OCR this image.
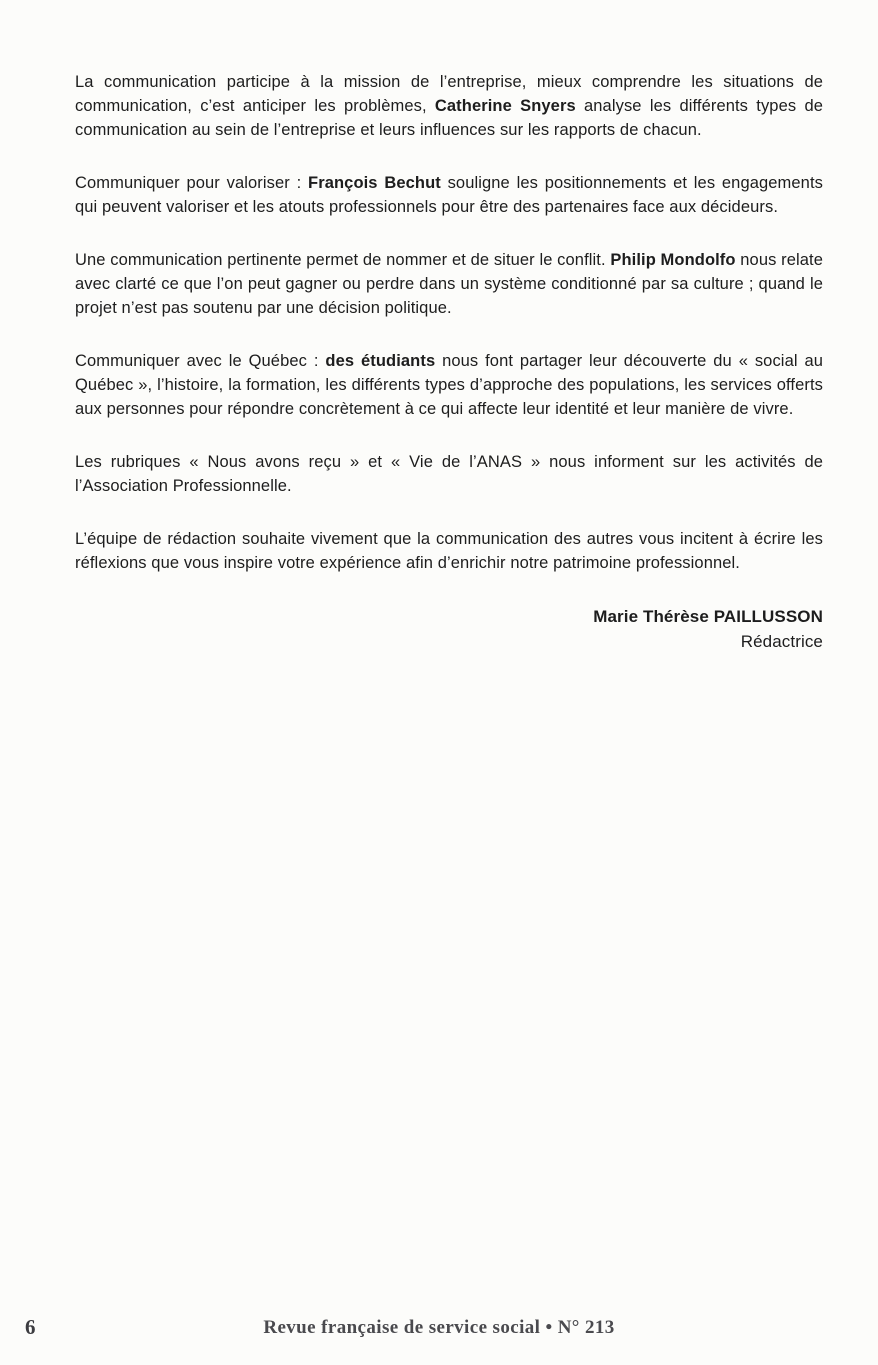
La communication participe à la mission de l’entreprise, mieux comprendre les situations de communication, c’est anticiper les problèmes, Catherine Snyers analyse les différents types de communication au sein de l’entreprise et leurs influences sur les rapports de chacun.

Communiquer pour valoriser : François Bechut souligne les positionnements et les engagements qui peuvent valoriser et les atouts professionnels pour être des partenaires face aux décideurs.

Une communication pertinente permet de nommer et de situer le conflit. Philip Mondolfo nous relate avec clarté ce que l’on peut gagner ou perdre dans un système conditionné par sa culture ; quand le projet n’est pas soutenu par une décision politique.

Communiquer avec le Québec : des étudiants nous font partager leur découverte du « social au Québec », l’histoire, la formation, les différents types d’approche des populations, les services offerts aux personnes pour répondre concrètement à ce qui affecte leur identité et leur manière de vivre.

Les rubriques « Nous avons reçu » et « Vie de l’ANAS » nous informent sur les activités de l’Association Professionnelle.

L’équipe de rédaction souhaite vivement que la communication des autres vous incitent à écrire les réflexions que vous inspire votre expérience afin d’enrichir notre patrimoine professionnel.

Marie Thérèse PAILLUSSON
Rédactrice
6	Revue française de service social • N° 213
